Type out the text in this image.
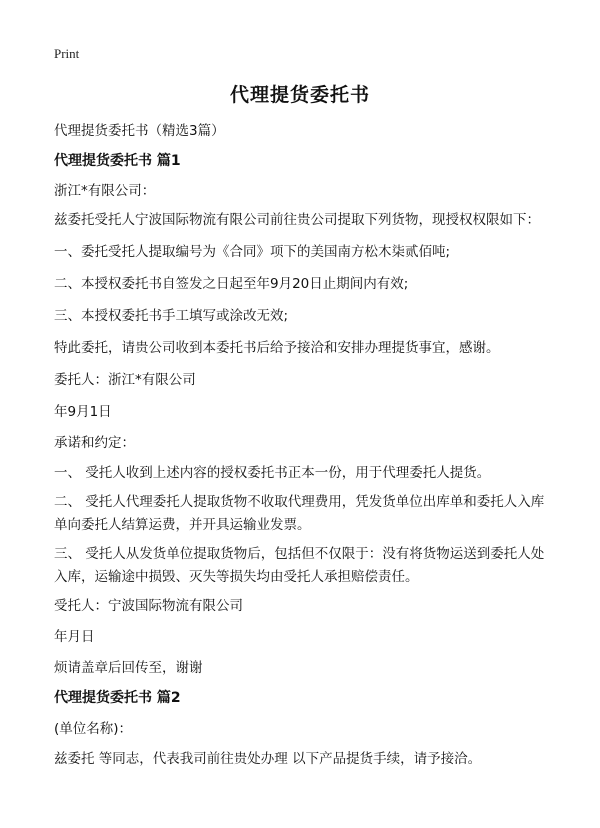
Print
代理提货委托书
代理提货委托书（精选3篇）
代理提货委托书 篇1
浙江*有限公司：
兹委托受托人宁波国际物流有限公司前往贵公司提取下列货物，现授权权限如下：
一、委托受托人提取编号为《合同》项下的美国南方松木柒贰佰吨;
二、本授权委托书自签发之日起至年9月20日止期间内有效;
三、本授权委托书手工填写或涂改无效;
特此委托，请贵公司收到本委托书后给予接洽和安排办理提货事宜，感谢。
委托人：浙江*有限公司
年9月1日
承诺和约定：
一、 受托人收到上述内容的授权委托书正本一份，用于代理委托人提货。
二、 受托人代理委托人提取货物不收取代理费用，凭发货单位出库单和委托人入库单向委托人结算运费，并开具运输业发票。
三、 受托人从发货单位提取货物后，包括但不仅限于：没有将货物运送到委托人处入库，运输途中损毁、灭失等损失均由受托人承担赔偿责任。
受托人：宁波国际物流有限公司
年月日
烦请盖章后回传至，谢谢
代理提货委托书 篇2
(单位名称)：
兹委托 等同志，代表我司前往贵处办理 以下产品提货手续，请予接洽。
